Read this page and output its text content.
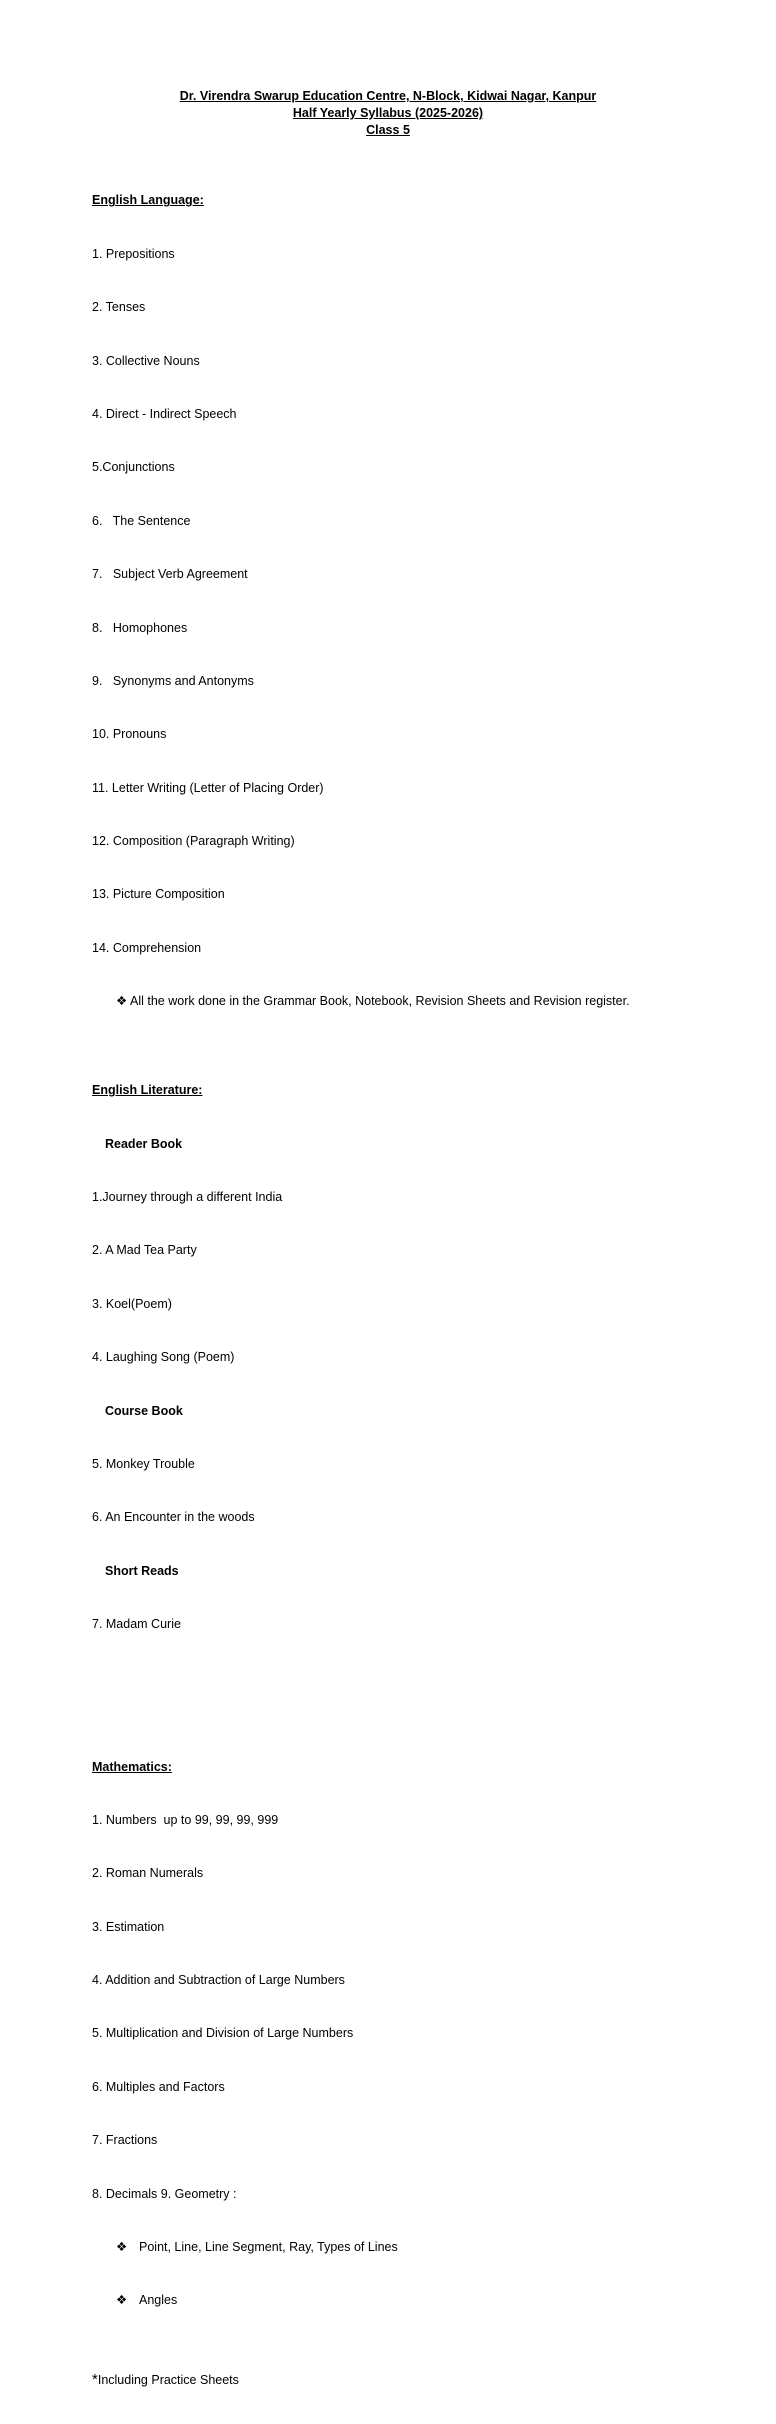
Dr. Virendra Swarup Education Centre, N-Block, Kidwai Nagar, Kanpur
Half Yearly Syllabus (2025-2026)
Class 5

English Language:

1. Prepositions

2. Tenses

3. Collective Nouns

4. Direct - Indirect Speech

5.Conjunctions

6.   The Sentence

7.   Subject Verb Agreement

8.   Homophones

9.   Synonyms and Antonyms

10. Pronouns

11. Letter Writing (Letter of Placing Order)

12. Composition (Paragraph Writing)

13. Picture Composition

14. Comprehension

❖ All the work done in the Grammar Book, Notebook, Revision Sheets and Revision register.

English Literature:

Reader Book

1.Journey through a different India

2. A Mad Tea Party

3. Koel(Poem)

4. Laughing Song (Poem)

Course Book

5. Monkey Trouble

6. An Encounter in the woods

Short Reads

7. Madam Curie

Mathematics:

1. Numbers  up to 99, 99, 99, 999

2. Roman Numerals

3. Estimation

4. Addition and Subtraction of Large Numbers

5. Multiplication and Division of Large Numbers

6. Multiples and Factors

7. Fractions

8. Decimals 9. Geometry :

❖ Point, Line, Line Segment, Ray, Types of Lines

❖ Angles

*Including Practice Sheets
